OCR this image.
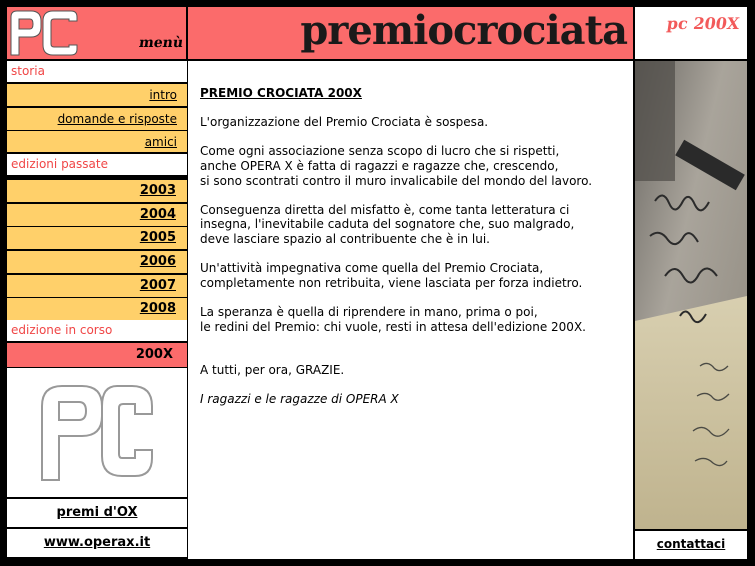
menù	premiocrociata pc 200X
storia
intro
domande e risposte
amici
edizioni passate
2003
2004
2005
2006
2007
2008
edizione in corso
200X
premi d'OX
www.operax.it

PREMIO CROCIATA 200X

L'organizzazione del Premio Crociata è sospesa.

Come ogni associazione senza scopo di lucro che si rispetti,
anche OPERA X è fatta di ragazzi e ragazze che, crescendo,
si sono scontrati contro il muro invalicabile del mondo del lavoro.

Conseguenza diretta del misfatto è, come tanta letteratura ci
insegna, l'inevitabile caduta del sognatore che, suo malgrado,
deve lasciare spazio al contribuente che è in lui.

Un'attività impegnativa come quella del Premio Crociata,
completamente non retribuita, viene lasciata per forza indietro.

La speranza è quella di riprendere in mano, prima o poi,
le redini del Premio: chi vuole, resti in attesa dell'edizione 200X.

A tutti, per ora, GRAZIE.

I ragazzi e le ragazze di OPERA X

contattaci
